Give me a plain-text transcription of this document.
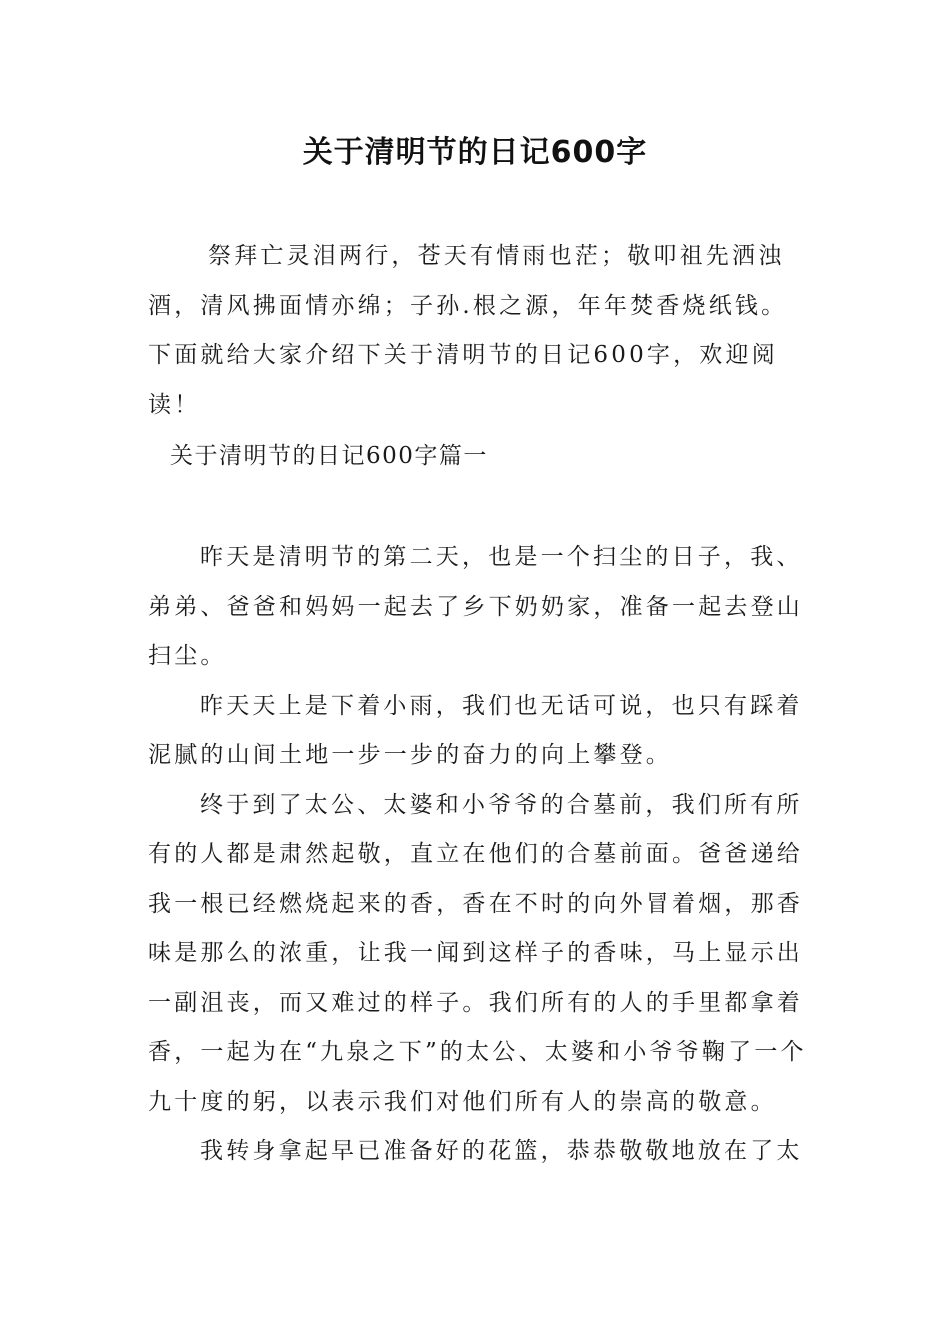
关于清明节的日记600字

祭拜亡灵泪两行，苍天有情雨也茫；敬叩祖先洒浊酒，清风拂面情亦绵；子孙.根之源，年年焚香烧纸钱。下面就给大家介绍下关于清明节的日记600字，欢迎阅读！

关于清明节的日记600字篇一

昨天是清明节的第二天，也是一个扫尘的日子，我、弟弟、爸爸和妈妈一起去了乡下奶奶家，准备一起去登山扫尘。

昨天天上是下着小雨，我们也无话可说，也只有踩着泥腻的山间土地一步一步的奋力的向上攀登。

终于到了太公、太婆和小爷爷的合墓前，我们所有所有的人都是肃然起敬，直立在他们的合墓前面。爸爸递给我一根已经燃烧起来的香，香在不时的向外冒着烟，那香味是那么的浓重，让我一闻到这样子的香味，马上显示出一副沮丧，而又难过的样子。我们所有的人的手里都拿着香，一起为在“九泉之下”的太公、太婆和小爷爷鞠了一个九十度的躬，以表示我们对他们所有人的崇高的敬意。

我转身拿起早已准备好的花篮，恭恭敬敬地放在了太
